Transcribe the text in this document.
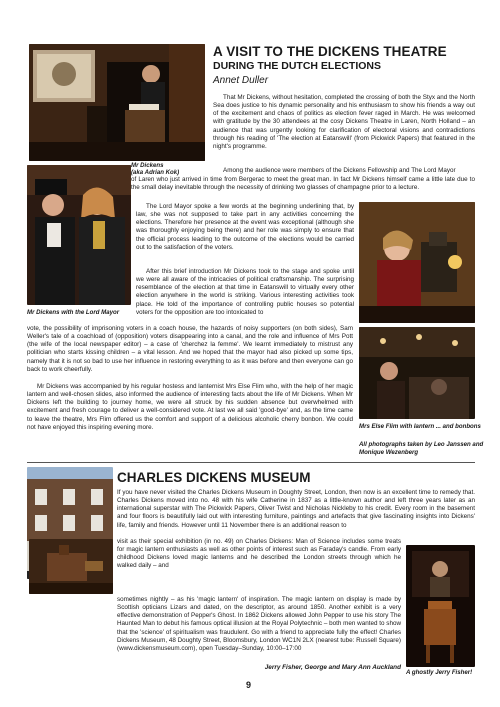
Mr Dickens
(aka Adrian Kok)
Mr Dickens with the Lord Mayor
A VISIT TO THE DICKENS THEATRE
DURING THE DUTCH ELECTIONS
Annet Duller

That Mr Dickens, without hesitation, completed the crossing of both the Styx and the North Sea does justice to his dynamic personality and his enthusiasm to show his friends a way out of the excitement and chaos of politics as election fever raged in March. He was welcomed with gratitude by the 30 attendees at the cosy Dickens Theatre in Laren, North Holland – an audience that was urgently looking for clarification of electoral visions and contradictions through his reading of 'The election at Eatanswill' (from Pickwick Papers) that featured in the night's programme.

Among the audience were members of the Dickens Fellowship and The Lord Mayor

of Laren who just arrived in time from Bergerac to meet the great man. In fact Mr Dickens himself came a little late due to the small delay inevitable through the necessity of drinking two glasses of champagne prior to a lecture.

The Lord Mayor spoke a few words at the beginning underlining that, by law, she was not supposed to take part in any activities concerning the elections. Therefore her presence at the event was exceptional (although she was thoroughly enjoying being there) and her role was simply to ensure that the official process leading to the outcome of the elections would be carried out to the satisfaction of the voters.

After this brief introduction Mr Dickens took to the stage and spoke until we were all aware of the intricacies of political craftsmanship. The surprising resemblance of the election at that time in Eatanswill to virtually every other election anywhere in the world is striking. Various interesting activities took place. He told of the importance of controlling public houses so potential voters for the opposition are too intoxicated to

vote, the possibility of imprisoning voters in a coach house, the hazards of noisy supporters (on both sides), Sam Weller's tale of a coachload of (opposition) voters disappearing into a canal, and the role and influence of Mrs Pott (the wife of the local newspaper editor) – a case of 'cherchez la femme'. We learnt immediately to mistrust any politician who starts kissing children – a vital lesson. And we hoped that the mayor had also picked up some tips, namely that it is not so bad to use her influence in restoring everything to as it was before and then everyone can go back to work cheerfully.

Mrs Else Flim with lantern ... and bonbons

Mr Dickens was accompanied by his regular hostess and lanternist Mrs Else Flim who, with the help of her magic lantern and well-chosen slides, also informed the audience of interesting facts about the life of Mr Dickens. When Mr Dickens left the building to journey home, we were all struck by his sudden absence but overwhelmed with excitement and fresh courage to deliver a well-considered vote. At last we all said 'good-bye' and, as the time came to leave the theatre, Mrs Flim offered us the comfort and support of a delicious alcoholic cherry bonbon. We could not have enjoyed this inspiring evening more.

All photographs taken by Leo Janssen and
Monique Wezenberg
CHARLES DICKENS MUSEUM

If you have never visited the Charles Dickens Museum in Doughty Street, London, then now is an excellent time to remedy that. Charles Dickens moved into no. 48 with his wife Catherine in 1837 as a little-known author and left three years later as an international superstar with The Pickwick Papers, Oliver Twist and Nicholas Nickleby to his credit. Every room in the basement and four floors is beautifully laid out with interesting furniture, paintings and artefacts that give fascinating insights into Dickens' life, family and friends. However until 11 November there is an additional reason to

visit as their special exhibition (in no. 49) on Charles Dickens: Man of Science includes some treats for magic lantern enthusiasts as well as other points of interest such as Faraday's candle. From early childhood Dickens loved magic lanterns and he described the London streets through which he walked daily – and

sometimes nightly – as his 'magic lantern' of inspiration. The magic lantern on display is made by Scottish opticians Lizars and dated, on the descriptor, as around 1850. Another exhibit is a very effective demonstration of Pepper's Ghost. In 1862 Dickens allowed John Pepper to use his story The Haunted Man to debut his famous optical illusion at the Royal Polytechnic – both men wanted to show that the 'science' of spiritualism was fraudulent. Go with a friend to appreciate fully the effect! Charles Dickens Museum, 48 Doughty Street, Bloomsbury, London WC1N 2LX (nearest tube: Russell Square) (www.dickensmuseum.com), open Tuesday–Sunday, 10:00–17:00

Jerry Fisher, George and Mary Ann Auckland
A ghostly Jerry Fisher!
9
